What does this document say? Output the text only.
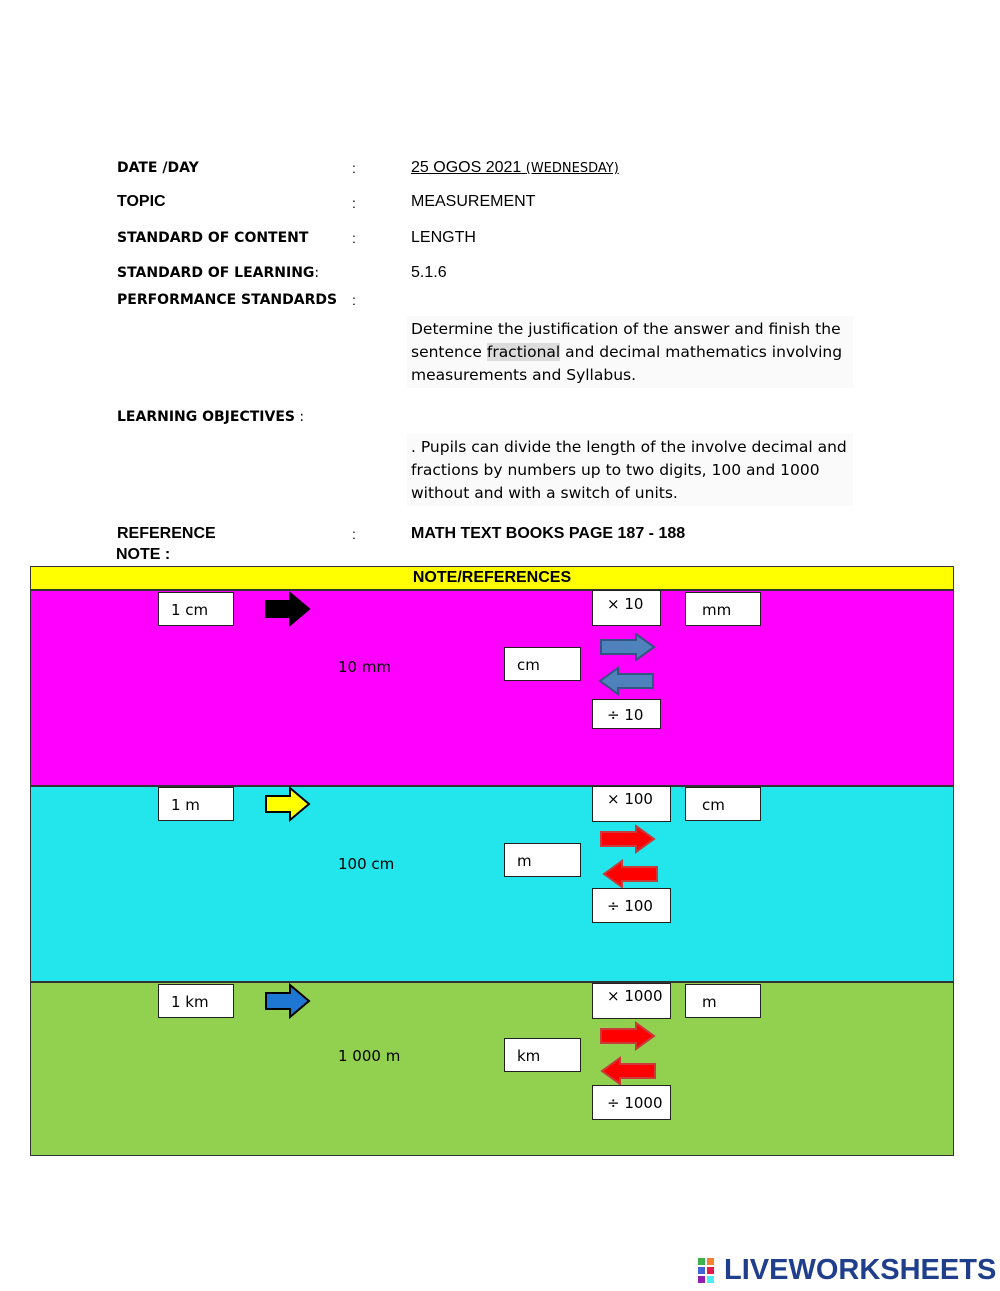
DATE /DAY	:	25 OGOS 2021 (WEDNESDAY)
TOPIC	:	MEASUREMENT
STANDARD OF CONTENT	:	LENGTH
STANDARD OF LEARNING:	5.1.6
PERFORMANCE STANDARDS :
Determine the justification of the answer and finish the sentence fractional and decimal mathematics involving measurements and Syllabus.
LEARNING OBJECTIVES :
. Pupils can divide the length of the involve decimal and fractions by numbers up to two digits, 100 and 1000 without and with a switch of units.
REFERENCE	:	MATH TEXT BOOKS PAGE 187 - 188
NOTE :
NOTE/REFERENCES
1 cm
10 mm	cm
× 10
÷ 10
mm
1 m
100 cm	m
× 100
÷ 100
cm
1 km
1 000 m	km
× 1000
÷ 1000
m
LIVEWORKSHEETS
